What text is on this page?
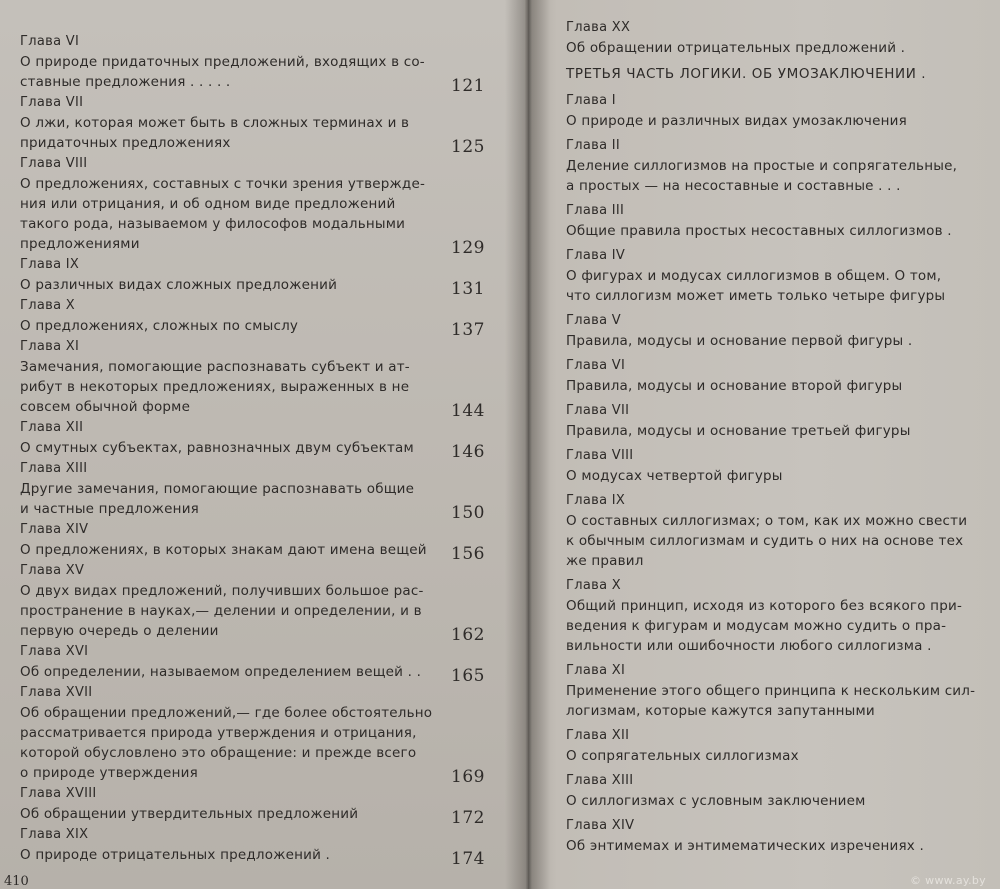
Глава VI
О природе придаточных предложений, входящих в со-
ставные предложения . . . . .	121
Глава VII
О лжи, которая может быть в сложных терминах и в
придаточных предложениях	125
Глава VIII
О предложениях, составных с точки зрения утвержде-
ния или отрицания, и об одном виде предложений
такого рода, называемом у философов модальными
предложениями	129
Глава IX
О различных видах сложных предложений	131
Глава X
О предложениях, сложных по смыслу	137
Глава XI
Замечания, помогающие распознавать субъект и ат-
рибут в некоторых предложениях, выраженных в не
совсем обычной форме	144
Глава XII
О смутных субъектах, равнозначных двум субъектам	146
Глава XIII
Другие замечания, помогающие распознавать общие
и частные предложения	150
Глава XIV
О предложениях, в которых знакам дают имена вещей	156
Глава XV
О двух видах предложений, получивших большое рас-
пространение в науках,— делении и определении, и в
первую очередь о делении	162
Глава XVI
Об определении, называемом определением вещей . .	165
Глава XVII
Об обращении предложений,— где более обстоятельно
рассматривается природа утверждения и отрицания,
которой обусловлено это обращение: и прежде всего
о природе утверждения	169
Глава XVIII
Об обращении утвердительных предложений	172
Глава XIX
О природе отрицательных предложений .	174
410
Глава XX
Об обращении отрицательных предложений .
ТРЕТЬЯ ЧАСТЬ ЛОГИКИ. ОБ УМОЗАКЛЮЧЕНИИ .
Глава I
О природе и различных видах умозаключения
Глава II
Деление силлогизмов на простые и сопрягательные,
а простых — на несоставные и составные . . .
Глава III
Общие правила простых несоставных силлогизмов .
Глава IV
О фигурах и модусах силлогизмов в общем. О том,
что силлогизм может иметь только четыре фигуры
Глава V
Правила, модусы и основание первой фигуры .
Глава VI
Правила, модусы и основание второй фигуры
Глава VII
Правила, модусы и основание третьей фигуры
Глава VIII
О модусах четвертой фигуры
Глава IX
О составных силлогизмах; о том, как их можно свести
к обычным силлогизмам и судить о них на основе тех
же правил
Глава X
Общий принцип, исходя из которого без всякого при-
ведения к фигурам и модусам можно судить о пра-
вильности или ошибочности любого силлогизма .
Глава XI
Применение этого общего принципа к нескольким сил-
логизмам, которые кажутся запутанными
Глава XII
О сопрягательных силлогизмах
Глава XIII
О силлогизмах с условным заключением
Глава XIV
Об энтимемах и энтимематических изречениях .
© www.ay.by
